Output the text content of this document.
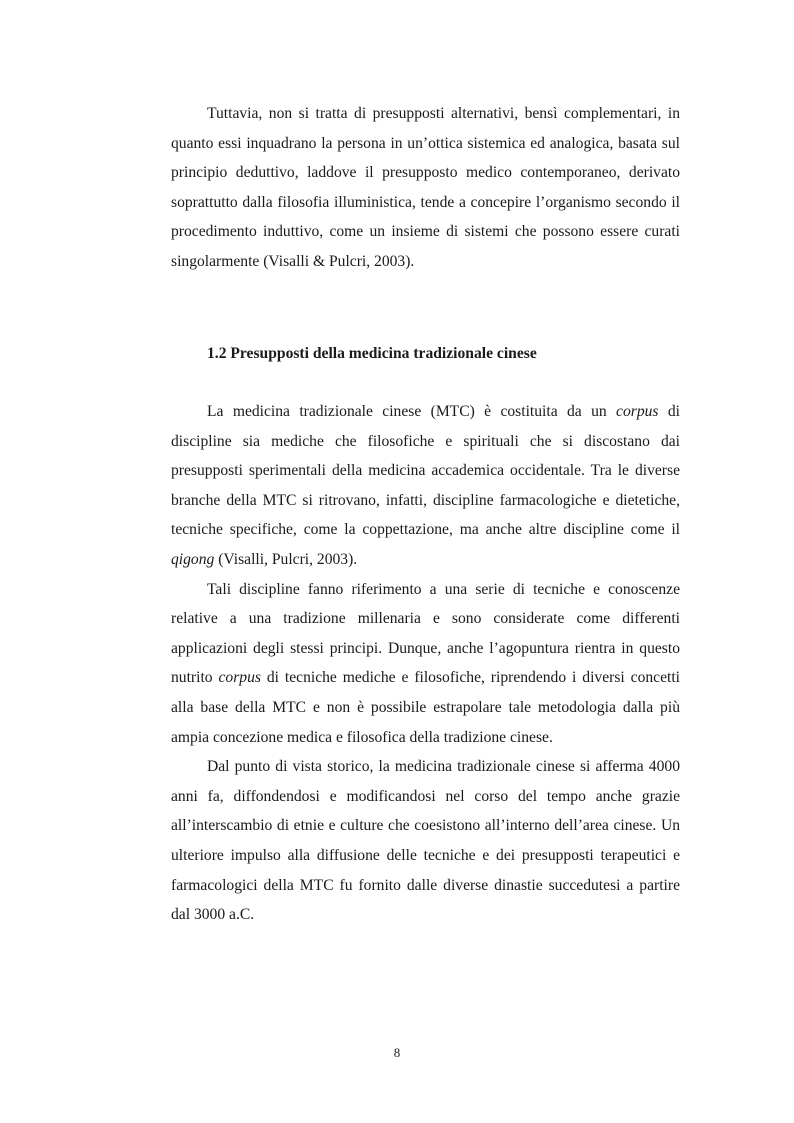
Tuttavia, non si tratta di presupposti alternativi, bensì complementari, in quanto essi inquadrano la persona in un’ottica sistemica ed analogica, basata sul principio deduttivo, laddove il presupposto medico contemporaneo, derivato soprattutto dalla filosofia illuministica, tende a concepire l’organismo secondo il procedimento induttivo, come un insieme di sistemi che possono essere curati singolarmente (Visalli & Pulcri, 2003).

1.2 Presupposti della medicina tradizionale cinese

La medicina tradizionale cinese (MTC) è costituita da un corpus di discipline sia mediche che filosofiche e spirituali che si discostano dai presupposti sperimentali della medicina accademica occidentale. Tra le diverse branche della MTC si ritrovano, infatti, discipline farmacologiche e dietetiche, tecniche specifiche, come la coppettazione, ma anche altre discipline come il qigong (Visalli, Pulcri, 2003).

Tali discipline fanno riferimento a una serie di tecniche e conoscenze relative a una tradizione millenaria e sono considerate come differenti applicazioni degli stessi principi. Dunque, anche l’agopuntura rientra in questo nutrito corpus di tecniche mediche e filosofiche, riprendendo i diversi concetti alla base della MTC e non è possibile estrapolare tale metodologia dalla più ampia concezione medica e filosofica della tradizione cinese.

Dal punto di vista storico, la medicina tradizionale cinese si afferma 4000 anni fa, diffondendosi e modificandosi nel corso del tempo anche grazie all’interscambio di etnie e culture che coesistono all’interno dell’area cinese. Un ulteriore impulso alla diffusione delle tecniche e dei presupposti terapeutici e farmacologici della MTC fu fornito dalle diverse dinastie succedutesi a partire dal 3000 a.C.

8
